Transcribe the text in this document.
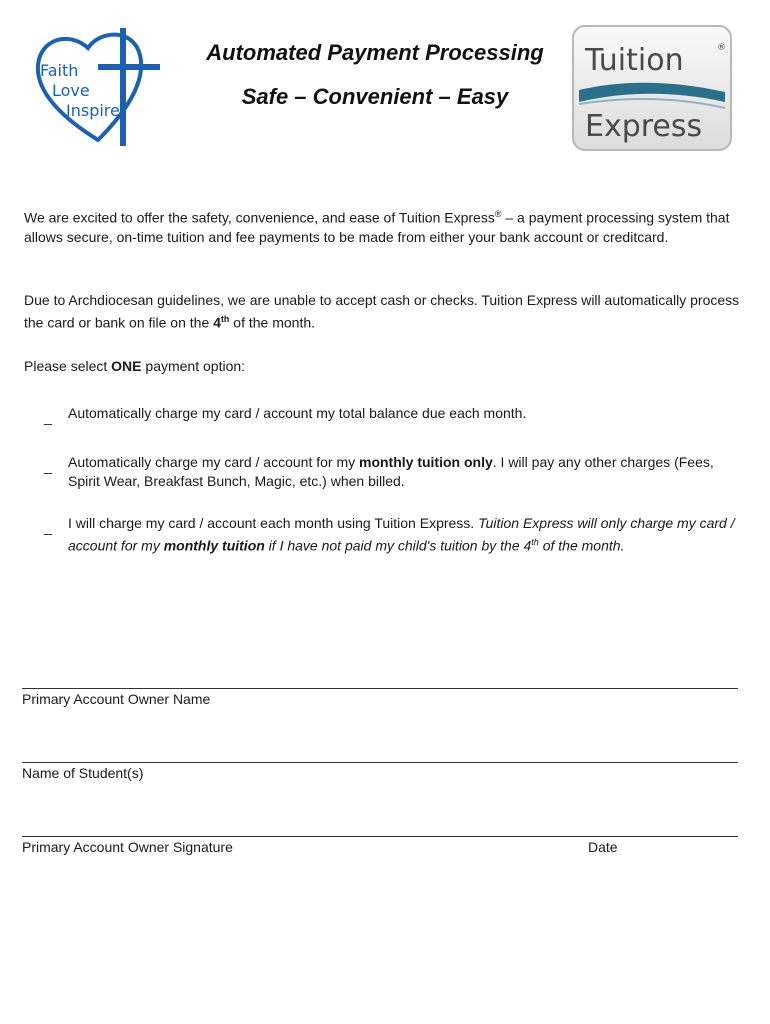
Faith
Love
Inspire
Automated Payment Processing
Safe – Convenient – Easy
Tuition	®
Express
We are excited to offer the safety, convenience, and ease of Tuition Express® – a payment processing system that allows secure, on-time tuition and fee payments to be made from either your bank account or creditcard.
Due to Archdiocesan guidelines, we are unable to accept cash or checks. Tuition Express will automatically process the card or bank on file on the 4th of the month.
Please select ONE payment option:
_ Automatically charge my card / account my total balance due each month.
_ Automatically charge my card / account for my monthly tuition only. I will pay any other charges (Fees, Spirit Wear, Breakfast Bunch, Magic, etc.) when billed.
_ I will charge my card / account each month using Tuition Express. Tuition Express will only charge my card / account for my monthly tuition if I have not paid my child's tuition by the 4th of the month.
Primary Account Owner Name
Name of Student(s)
Primary Account Owner Signature	Date
